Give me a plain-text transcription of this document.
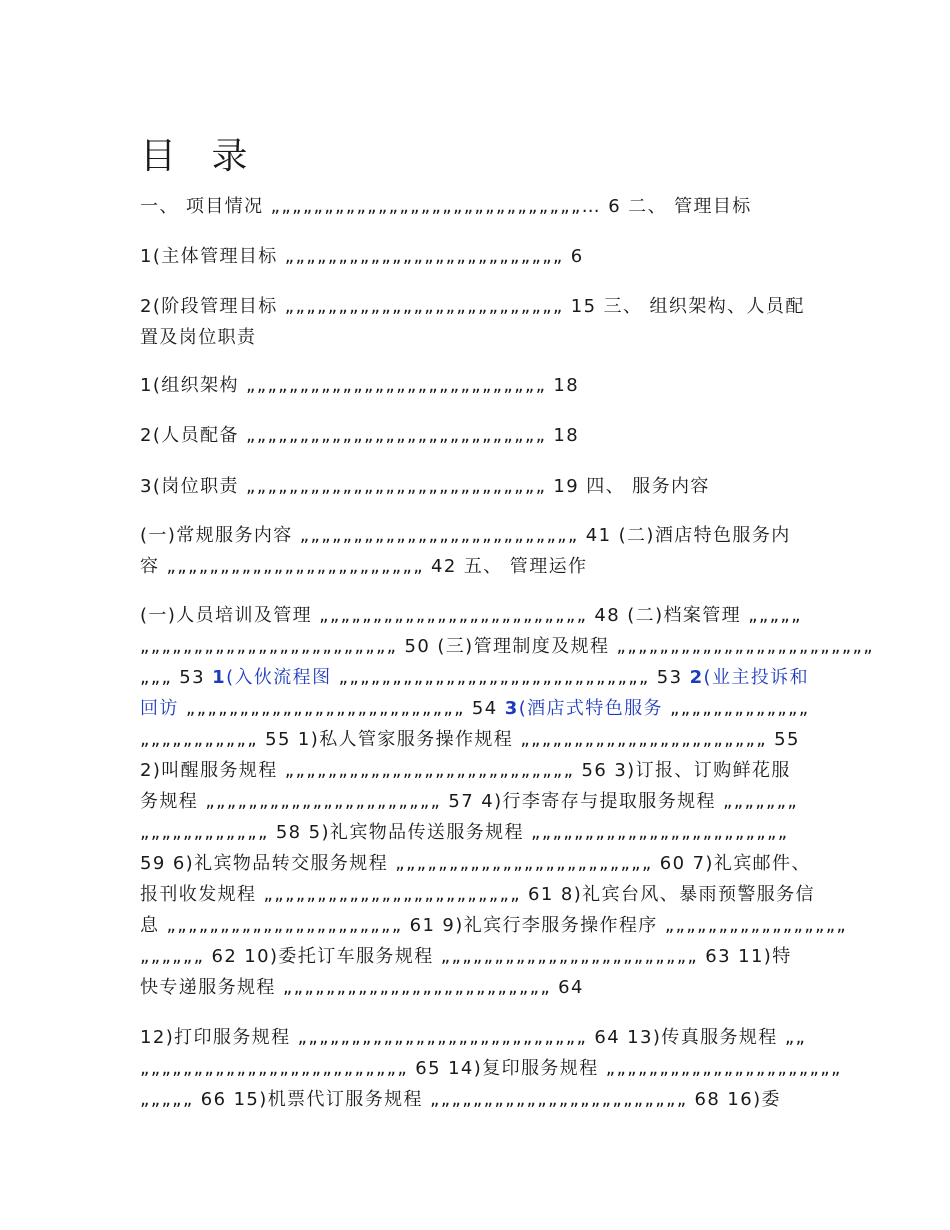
目 录
一、 项目情况 „„„„„„„„„„„„„„„„„„„„„„„„„„„„„… 6 二、 管理目标
1(主体管理目标 „„„„„„„„„„„„„„„„„„„„„„„„„„ 6
2(阶段管理目标 „„„„„„„„„„„„„„„„„„„„„„„„„„ 15 三、 组织架构、人员配
置及岗位职责
1(组织架构 „„„„„„„„„„„„„„„„„„„„„„„„„„„„ 18
2(人员配备 „„„„„„„„„„„„„„„„„„„„„„„„„„„„ 18
3(岗位职责 „„„„„„„„„„„„„„„„„„„„„„„„„„„„ 19 四、 服务内容
(一)常规服务内容 „„„„„„„„„„„„„„„„„„„„„„„„„„ 41 (二)酒店特色服务内
容 „„„„„„„„„„„„„„„„„„„„„„„„ 42 五、 管理运作
(一)人员培训及管理 „„„„„„„„„„„„„„„„„„„„„„„„„ 48 (二)档案管理 „„„„„
„„„„„„„„„„„„„„„„„„„„„„„„ 50 (三)管理制度及规程 „„„„„„„„„„„„„„„„„„„„„„„„
„„„ 53 1(入伙流程图 „„„„„„„„„„„„„„„„„„„„„„„„„„„„„ 53 2(业主投诉和
回访 „„„„„„„„„„„„„„„„„„„„„„„„„„ 54 3(酒店式特色服务 „„„„„„„„„„„„„
„„„„„„„„„„„ 55 1)私人管家服务操作规程 „„„„„„„„„„„„„„„„„„„„„„„ 55
2)叫醒服务规程 „„„„„„„„„„„„„„„„„„„„„„„„„„„ 56 3)订报、订购鲜花服
务规程 „„„„„„„„„„„„„„„„„„„„„„ 57 4)行李寄存与提取服务规程 „„„„„„„
„„„„„„„„„„„„ 58 5)礼宾物品传送服务规程 „„„„„„„„„„„„„„„„„„„„„„„„
59 6)礼宾物品转交服务规程 „„„„„„„„„„„„„„„„„„„„„„„„ 60 7)礼宾邮件、
报刊收发规程 „„„„„„„„„„„„„„„„„„„„„„„„ 61 8)礼宾台风、暴雨预警服务信
息 „„„„„„„„„„„„„„„„„„„„„„ 61 9)礼宾行李服务操作程序 „„„„„„„„„„„„„„„„„
„„„„„„ 62 10)委托订车服务规程 „„„„„„„„„„„„„„„„„„„„„„„„ 63 11)特
快专递服务规程 „„„„„„„„„„„„„„„„„„„„„„„„„ 64
12)打印服务规程 „„„„„„„„„„„„„„„„„„„„„„„„„„„ 64 13)传真服务规程 „„
„„„„„„„„„„„„„„„„„„„„„„„„„ 65 14)复印服务规程 „„„„„„„„„„„„„„„„„„„„„„
„„„„„ 66 15)机票代订服务规程 „„„„„„„„„„„„„„„„„„„„„„„„ 68 16)委
